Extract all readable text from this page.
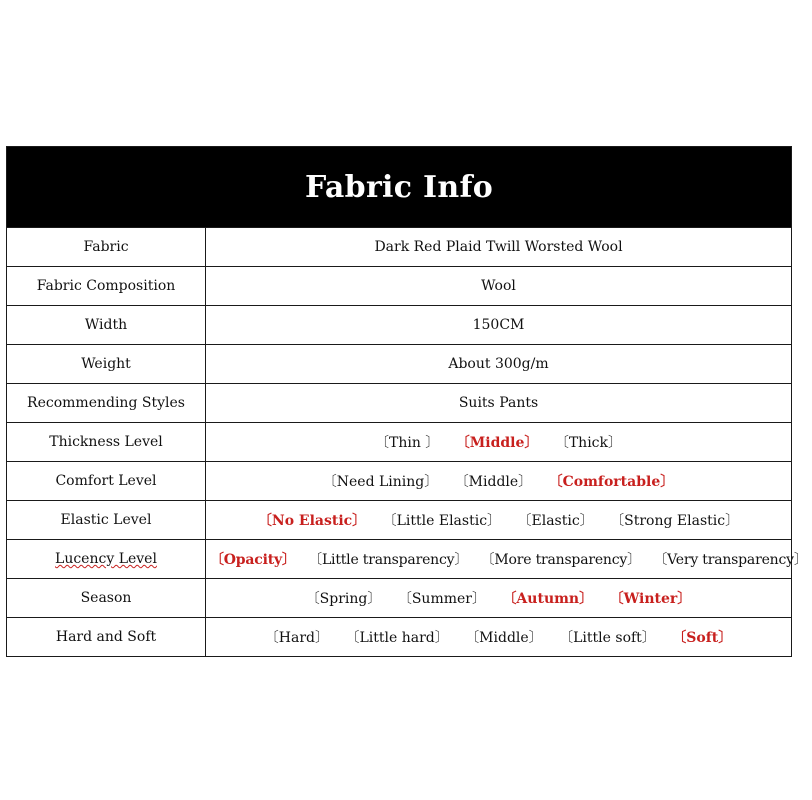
Fabric Info
Fabric	Dark Red Plaid Twill Worsted Wool
Fabric Composition	Wool
Width	150CM
Weight	About 300g/m
Recommending Styles	Suits Pants
Thickness Level	〔Thin 〕 〔Middle〕 〔Thick〕
Comfort Level	〔Need Lining〕 〔Middle〕 〔Comfortable〕
Elastic Level	〔No Elastic〕 〔Little Elastic〕 〔Elastic〕 〔Strong Elastic〕
Lucency Level	〔Opacity〕 〔Little transparency〕 〔More transparency〕 〔Very transparency〕
Season	〔Spring〕 〔Summer〕 〔Autumn〕 〔Winter〕
Hard and Soft	〔Hard〕 〔Little hard〕 〔Middle〕 〔Little soft〕 〔Soft〕
